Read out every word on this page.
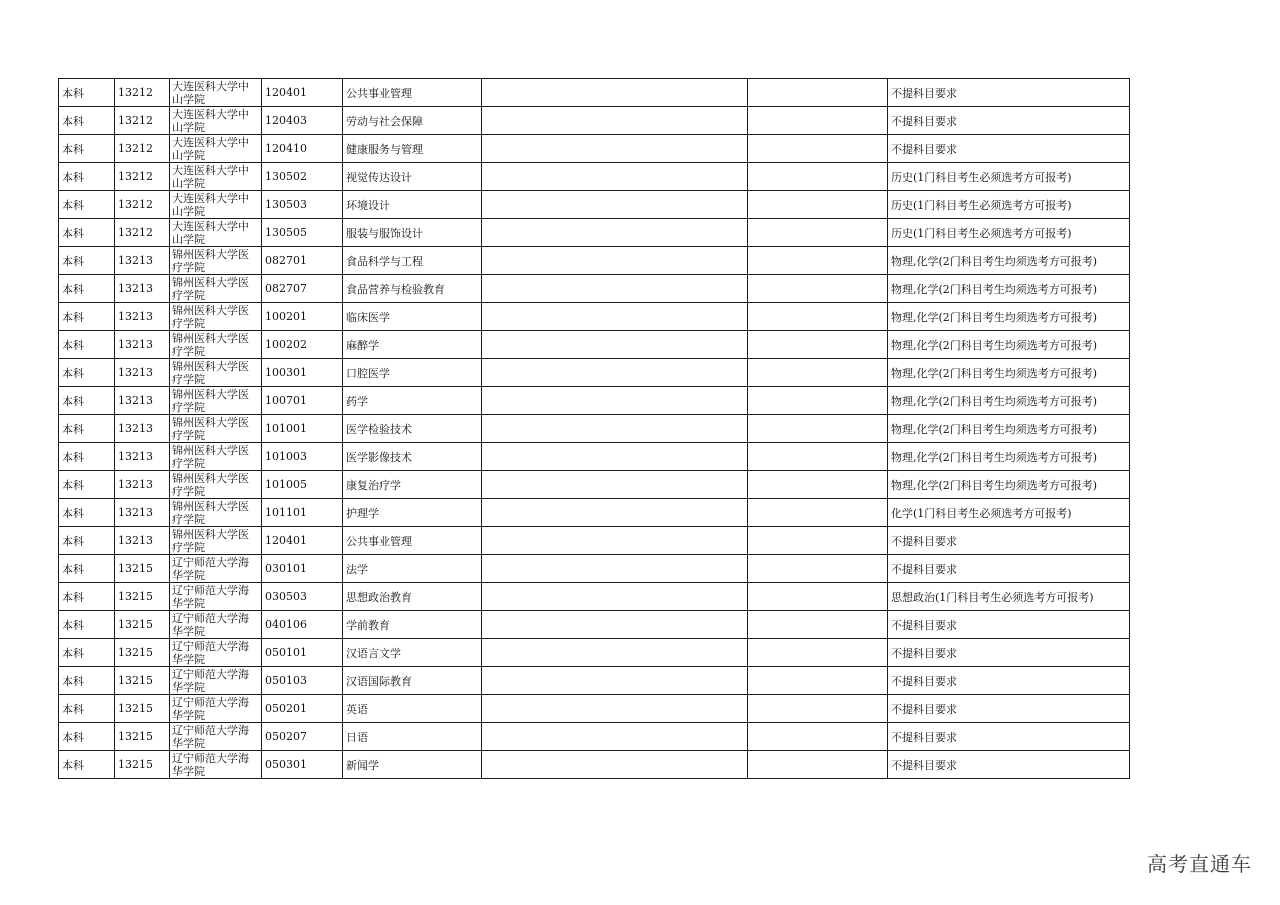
本科	13212	大连医科大学中山学院	120401	公共事业管理			不提科目要求
本科	13212	大连医科大学中山学院	120403	劳动与社会保障			不提科目要求
本科	13212	大连医科大学中山学院	120410	健康服务与管理			不提科目要求
本科	13212	大连医科大学中山学院	130502	视觉传达设计			历史(1门科目考生必须选考方可报考)
本科	13212	大连医科大学中山学院	130503	环境设计			历史(1门科目考生必须选考方可报考)
本科	13212	大连医科大学中山学院	130505	服装与服饰设计			历史(1门科目考生必须选考方可报考)
本科	13213	锦州医科大学医疗学院	082701	食品科学与工程			物理,化学(2门科目考生均须选考方可报考)
本科	13213	锦州医科大学医疗学院	082707	食品营养与检验教育			物理,化学(2门科目考生均须选考方可报考)
本科	13213	锦州医科大学医疗学院	100201	临床医学			物理,化学(2门科目考生均须选考方可报考)
本科	13213	锦州医科大学医疗学院	100202	麻醉学			物理,化学(2门科目考生均须选考方可报考)
本科	13213	锦州医科大学医疗学院	100301	口腔医学			物理,化学(2门科目考生均须选考方可报考)
本科	13213	锦州医科大学医疗学院	100701	药学			物理,化学(2门科目考生均须选考方可报考)
本科	13213	锦州医科大学医疗学院	101001	医学检验技术			物理,化学(2门科目考生均须选考方可报考)
本科	13213	锦州医科大学医疗学院	101003	医学影像技术			物理,化学(2门科目考生均须选考方可报考)
本科	13213	锦州医科大学医疗学院	101005	康复治疗学			物理,化学(2门科目考生均须选考方可报考)
本科	13213	锦州医科大学医疗学院	101101	护理学			化学(1门科目考生必须选考方可报考)
本科	13213	锦州医科大学医疗学院	120401	公共事业管理			不提科目要求
本科	13215	辽宁师范大学海华学院	030101	法学			不提科目要求
本科	13215	辽宁师范大学海华学院	030503	思想政治教育			思想政治(1门科目考生必须选考方可报考)
本科	13215	辽宁师范大学海华学院	040106	学前教育			不提科目要求
本科	13215	辽宁师范大学海华学院	050101	汉语言文学			不提科目要求
本科	13215	辽宁师范大学海华学院	050103	汉语国际教育			不提科目要求
本科	13215	辽宁师范大学海华学院	050201	英语			不提科目要求
本科	13215	辽宁师范大学海华学院	050207	日语			不提科目要求
本科	13215	辽宁师范大学海华学院	050301	新闻学			不提科目要求
高考直通车
